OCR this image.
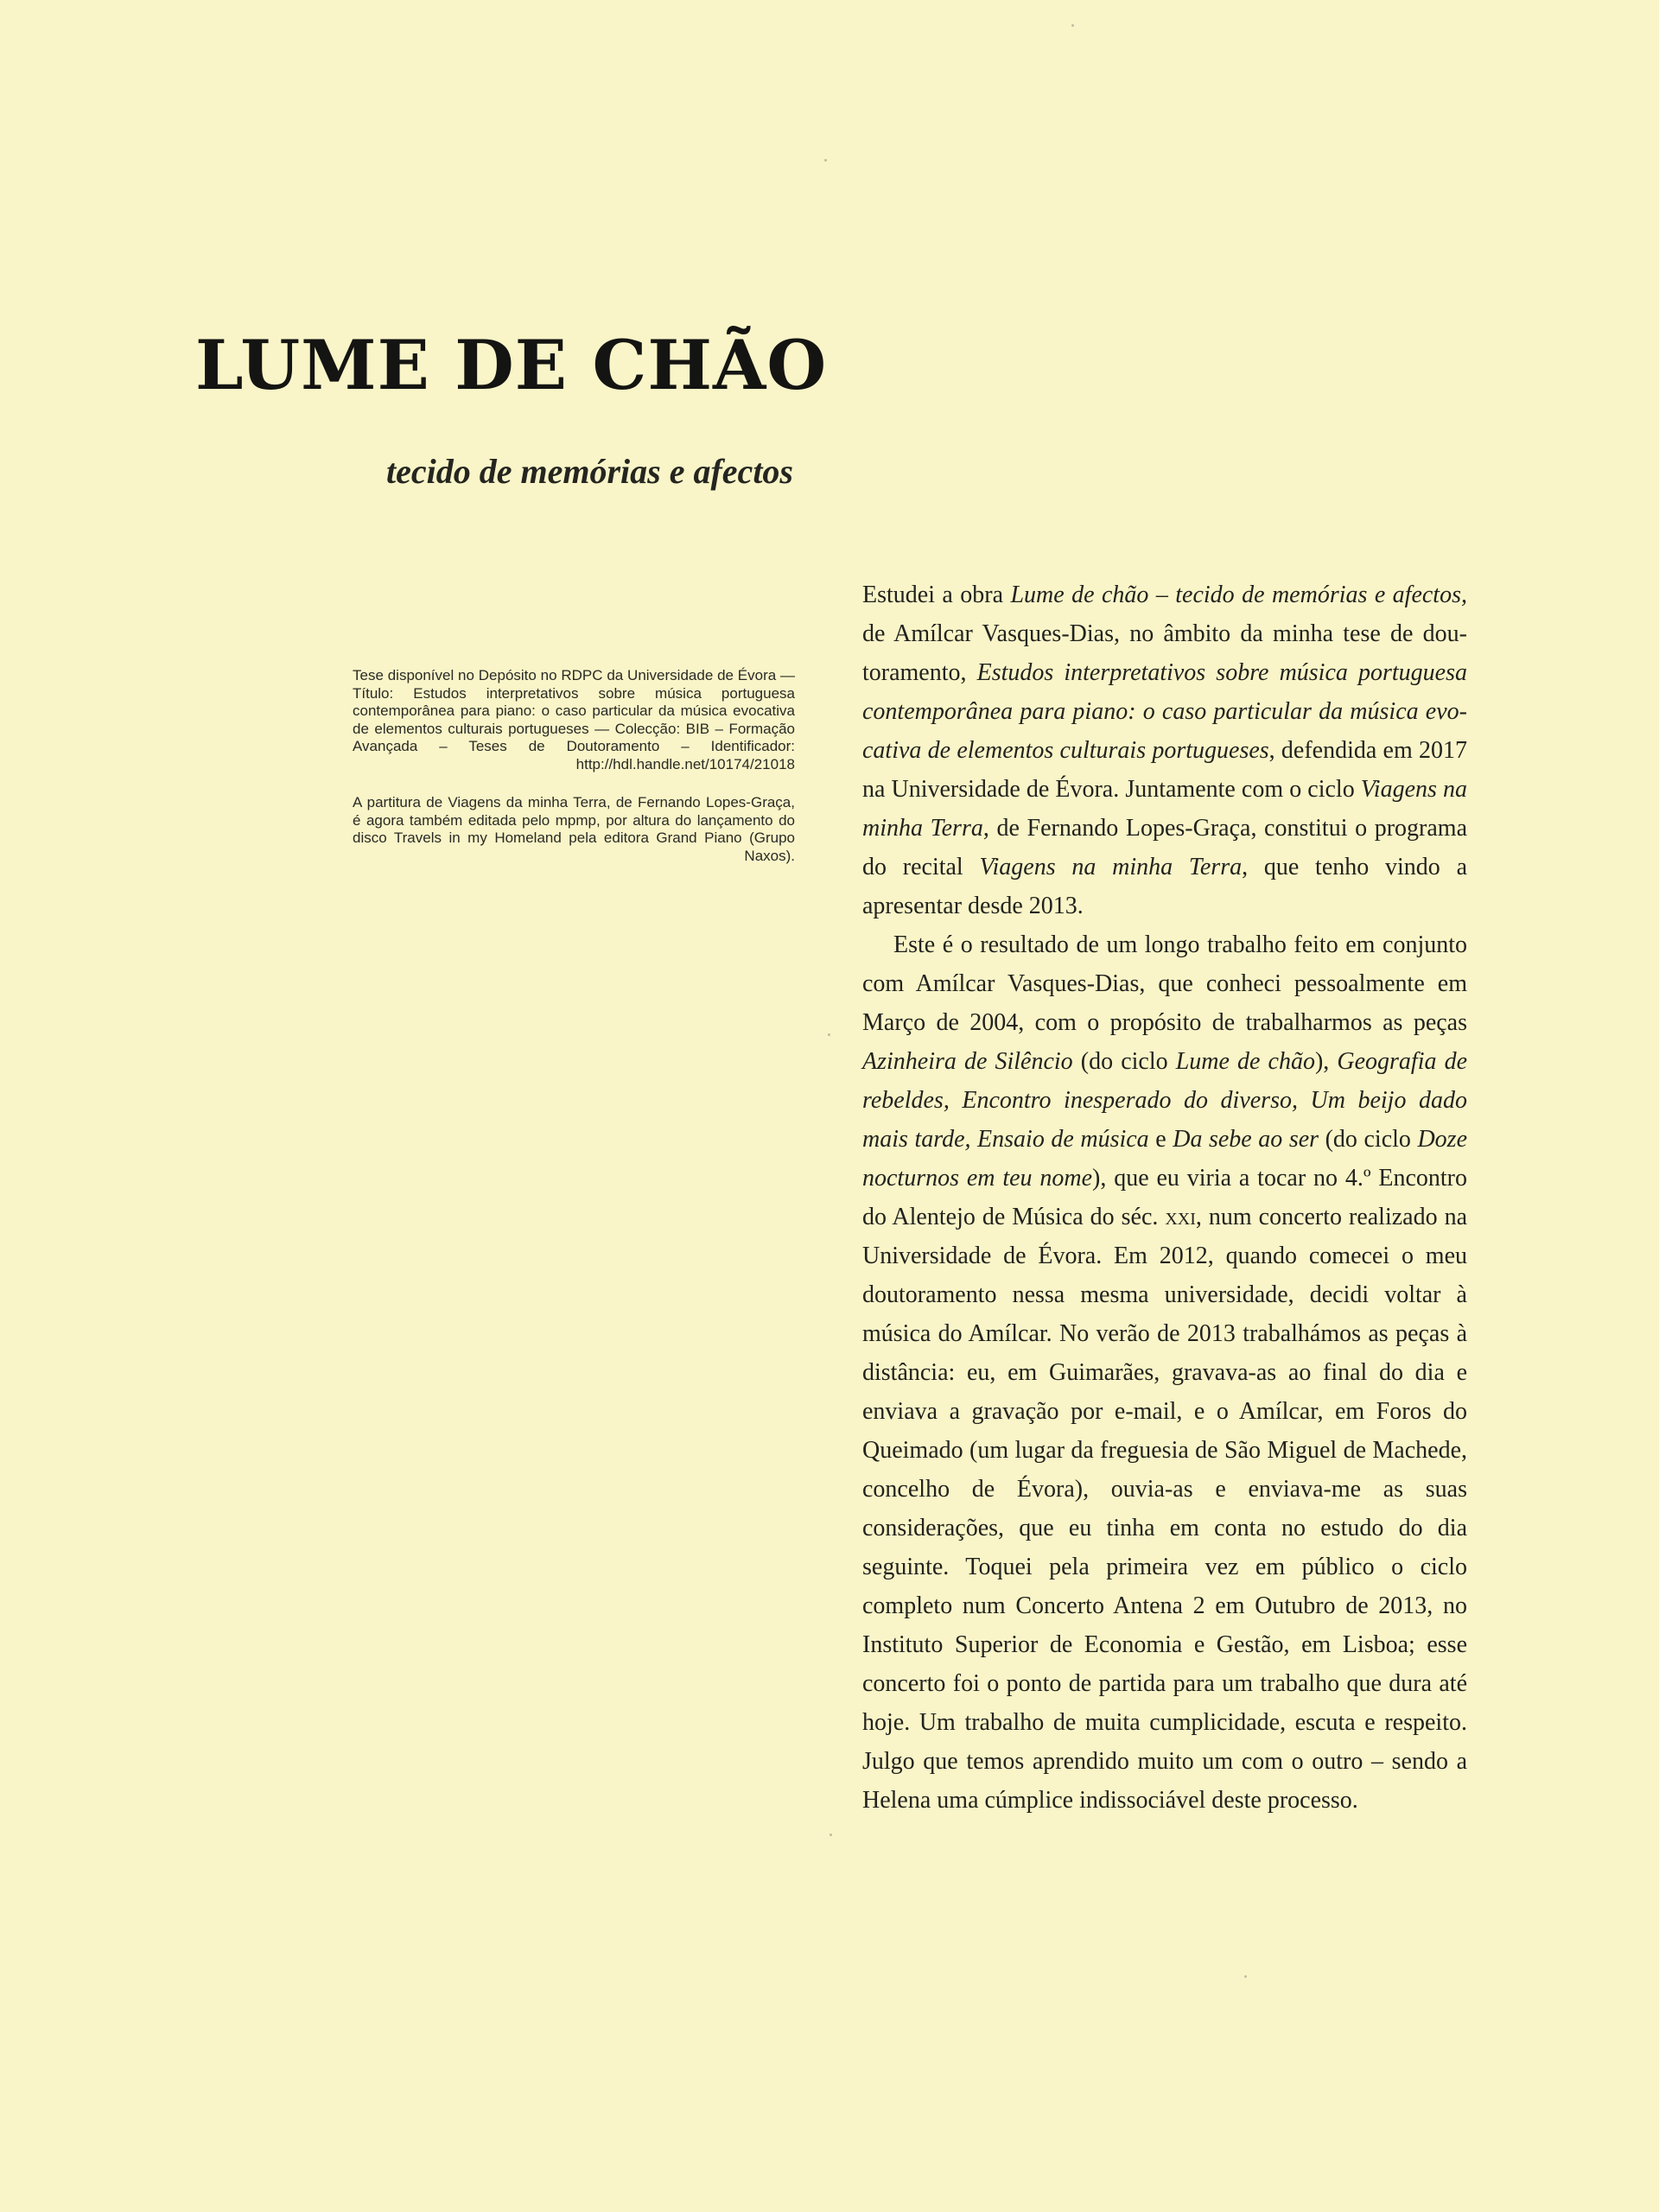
LUME DE CHÃO
tecido de memórias e afectos

Tese disponível no Depósito no RDPC da Universidade de Évora — Título: Estudos interpretativos sobre música portuguesa contemporânea para piano: o caso particular da música evocativa de elementos culturais portugueses — Colecção: BIB – Formação Avançada – Teses de Doutoramento – Identificador: http://hdl.handle.net/10174/21018

A partitura de Viagens da minha Terra, de Fernando Lopes-Graça, é agora também editada pelo mpmp, por altura do lançamento do disco Travels in my Homeland pela editora Grand Piano (Grupo Naxos).

Estudei a obra Lume de chão – tecido de memórias e afectos, de Amílcar Vasques-Dias, no âmbito da minha tese de doutoramento, Estudos interpretativos sobre música portuguesa contemporânea para piano: o caso particular da música evocativa de elementos culturais portugueses, defendida em 2017 na Universidade de Évora. Juntamente com o ciclo Viagens na minha Terra, de Fernando Lopes-Graça, constitui o programa do recital Viagens na minha Terra, que tenho vindo a apresentar desde 2013.

Este é o resultado de um longo trabalho feito em conjunto com Amílcar Vasques-Dias, que conheci pessoalmente em Março de 2004, com o propósito de trabalharmos as peças Azinheira de Silêncio (do ciclo Lume de chão), Geografia de rebeldes, Encontro inesperado do diverso, Um beijo dado mais tarde, Ensaio de música e Da sebe ao ser (do ciclo Doze nocturnos em teu nome), que eu viria a tocar no 4.º Encontro do Alentejo de Música do séc. xxi, num concerto realizado na Universidade de Évora. Em 2012, quando comecei o meu doutoramento nessa mesma universidade, decidi voltar à música do Amílcar. No verão de 2013 trabalhámos as peças à distância: eu, em Guimarães, gravava-as ao final do dia e enviava a gravação por e-mail, e o Amílcar, em Foros do Queimado (um lugar da freguesia de São Miguel de Machede, concelho de Évora), ouvia-as e enviava-me as suas considerações, que eu tinha em conta no estudo do dia seguinte. Toquei pela primeira vez em público o ciclo completo num Concerto Antena 2 em Outubro de 2013, no Instituto Superior de Economia e Gestão, em Lisboa; esse concerto foi o ponto de partida para um trabalho que dura até hoje. Um trabalho de muita cumplicidade, escuta e respeito. Julgo que temos aprendido muito um com o outro – sendo a Helena uma cúmplice indissociável deste processo.
